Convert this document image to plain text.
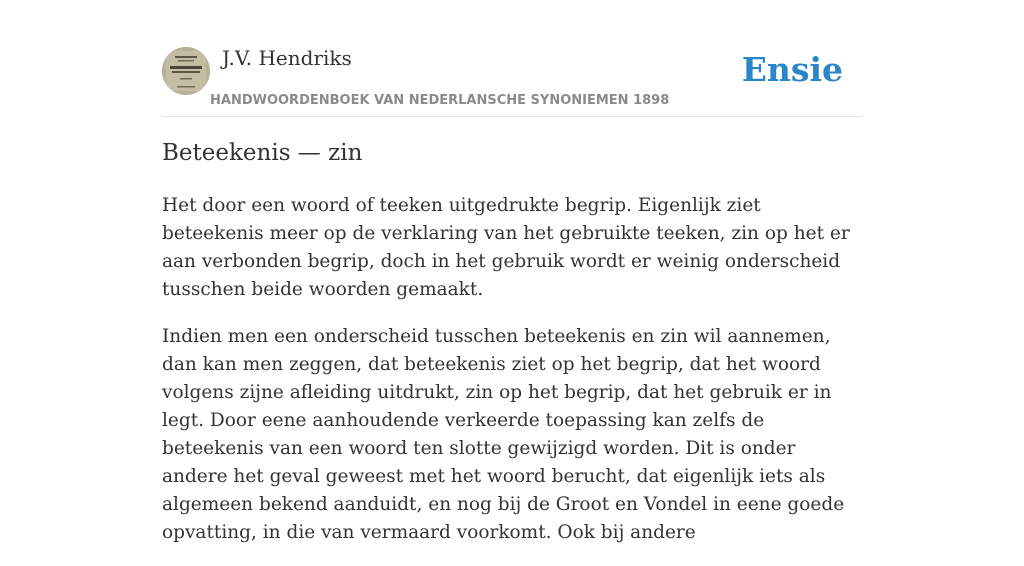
J.V. Hendriks
HANDWOORDENBOEK VAN NEDERLANSCHE SYNONIEMEN 1898
Ensie
Beteekenis — zin

Het door een woord of teeken uitgedrukte begrip. Eigenlijk ziet beteekenis meer op de verklaring van het gebruikte teeken, zin op het er aan verbonden begrip, doch in het gebruik wordt er weinig onderscheid tusschen beide woorden gemaakt.

Indien men een onderscheid tusschen beteekenis en zin wil aannemen, dan kan men zeggen, dat beteekenis ziet op het begrip, dat het woord volgens zijne afleiding uitdrukt, zin op het begrip, dat het gebruik er in legt. Door eene aanhoudende verkeerde toepassing kan zelfs de beteekenis van een woord ten slotte gewijzigd worden. Dit is onder andere het geval geweest met het woord berucht, dat eigenlijk iets als algemeen bekend aanduidt, en nog bij de Groot en Vondel in eene goede opvatting, in die van vermaard voorkomt. Ook bij andere
